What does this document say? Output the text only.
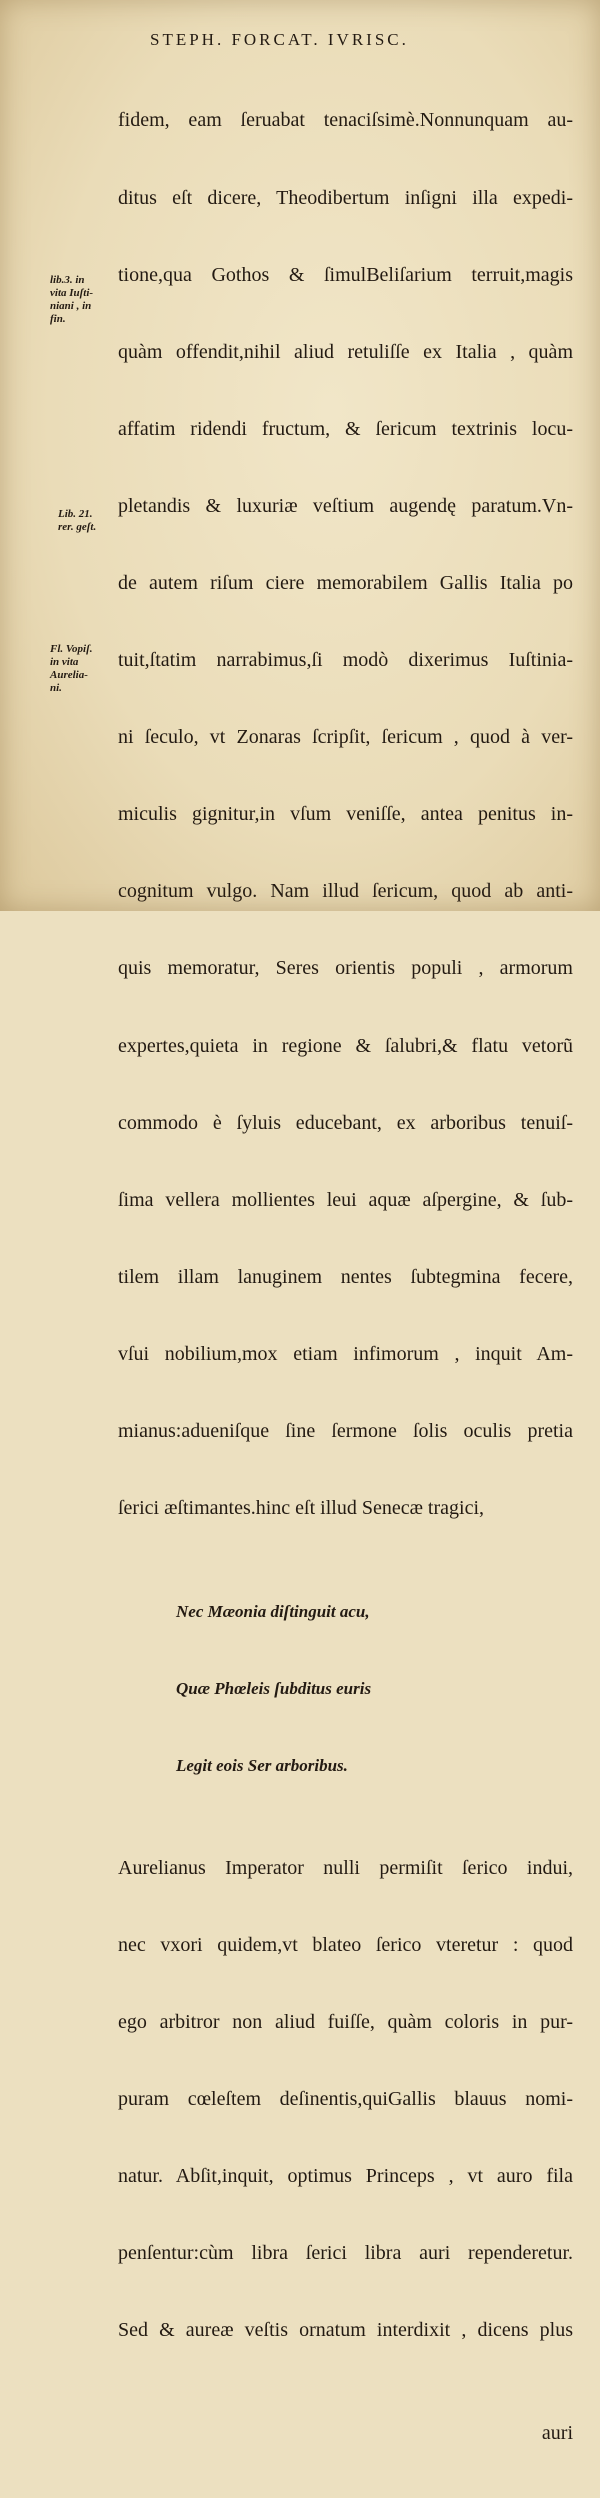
STEPH. FORCAT. IVRISC.

fidem, eam ſeruabat tenaciſsimè.Nonnunquam au-

ditus eſt dicere, Theodibertum inſigni illa expedi-

tione,qua Gothos & ſimulBeliſarium terruit,magis

quàm offendit,nihil aliud retuliſſe ex Italia , quàm

affatim ridendi fructum, & ſericum textrinis locu-

pletandis & luxuriæ veſtium augendę paratum.Vn-

de autem riſum ciere memorabilem Gallis Italia po

tuit,ſtatim narrabimus,ſi modò dixerimus Iuſtinia-

ni ſeculo, vt Zonaras ſcripſit, ſericum , quod à ver-

miculis gignitur,in vſum veniſſe, antea penitus in-

cognitum vulgo. Nam illud ſericum, quod ab anti-

quis memoratur, Seres orientis populi , armorum

expertes,quieta in regione & ſalubri,& flatu vetorũ

commodo è ſyluis educebant, ex arboribus tenuiſ-

ſima vellera mollientes leui aquæ aſpergine, & ſub-

tilem illam lanuginem nentes ſubtegmina fecere,

vſui nobilium,mox etiam infimorum , inquit Am-

mianus:adueniſque ſine ſermone ſolis oculis pretia

ſerici æſtimantes.hinc eſt illud Senecæ tragici,

Nec Mæonia diſtinguit acu,

Quæ Phœleis ſubditus euris

Legit eois Ser arboribus.

Aurelianus Imperator nulli permiſit ſerico indui,

nec vxori quidem,vt blateo ſerico vteretur : quod

ego arbitror non aliud fuiſſe, quàm coloris in pur-

puram cœleſtem deſinentis,quiGallis blauus nomi-

natur. Abſit,inquit, optimus Princeps , vt auro fila

penſentur:cùm libra ſerici libra auri rependeretur.

Sed & aureæ veſtis ornatum interdixit , dicens plus

auri

lib.3. in
vita Iuſti-
niani , in
fin.
Lib. 21.
rer. geſt.
Fl. Vopiſ.
in vita
Aurelia-
ni.
